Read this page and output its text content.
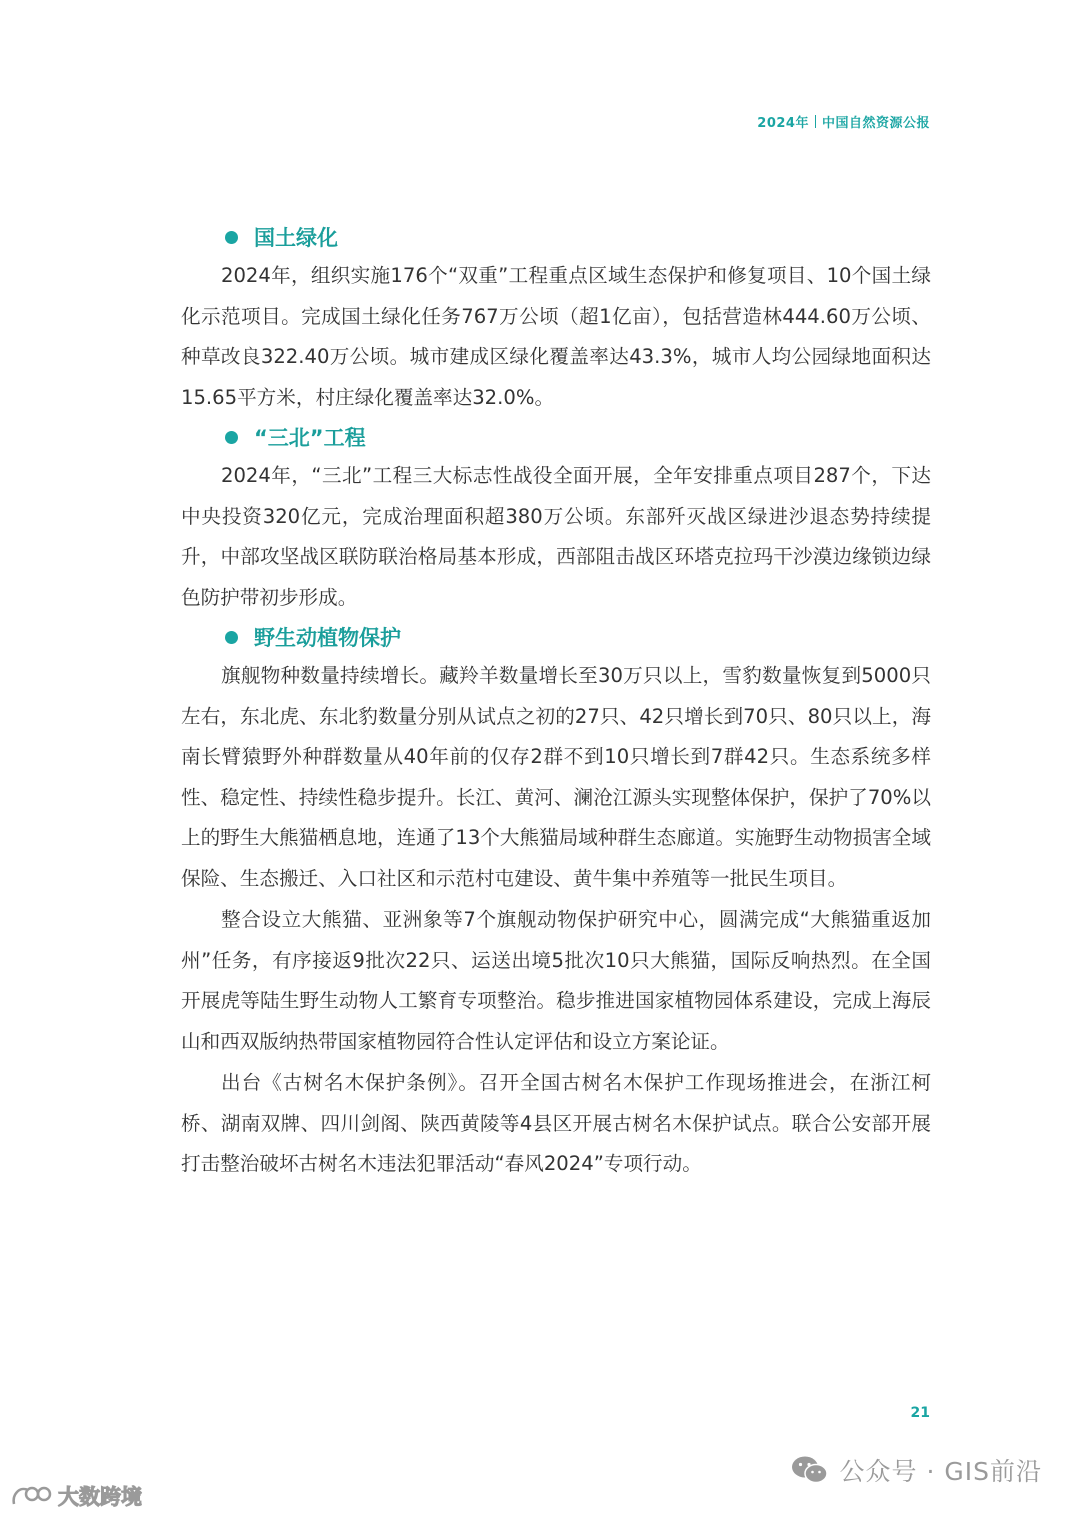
2024年 中国自然资源公报
国土绿化

2024年，组织实施176个“双重”工程重点区域生态保护和修复项目、10个国土绿化示范项目。完成国土绿化任务767万公顷（超1亿亩），包括营造林444.60万公顷、种草改良322.40万公顷。城市建成区绿化覆盖率达43.3%，城市人均公园绿地面积达15.65平方米，村庄绿化覆盖率达32.0%。

“三北”工程

2024年，“三北”工程三大标志性战役全面开展，全年安排重点项目287个，下达中央投资320亿元，完成治理面积超380万公顷。东部歼灭战区绿进沙退态势持续提升，中部攻坚战区联防联治格局基本形成，西部阻击战区环塔克拉玛干沙漠边缘锁边绿色防护带初步形成。

野生动植物保护

旗舰物种数量持续增长。藏羚羊数量增长至30万只以上，雪豹数量恢复到5000只左右，东北虎、东北豹数量分别从试点之初的27只、42只增长到70只、80只以上，海南长臂猿野外种群数量从40年前的仅存2群不到10只增长到7群42只。生态系统多样性、稳定性、持续性稳步提升。长江、黄河、澜沧江源头实现整体保护，保护了70%以上的野生大熊猫栖息地，连通了13个大熊猫局域种群生态廊道。实施野生动物损害全域保险、生态搬迁、入口社区和示范村屯建设、黄牛集中养殖等一批民生项目。

整合设立大熊猫、亚洲象等7个旗舰动物保护研究中心，圆满完成“大熊猫重返加州”任务，有序接返9批次22只、运送出境5批次10只大熊猫，国际反响热烈。在全国开展虎等陆生野生动物人工繁育专项整治。稳步推进国家植物园体系建设，完成上海辰山和西双版纳热带国家植物园符合性认定评估和设立方案论证。

出台《古树名木保护条例》。召开全国古树名木保护工作现场推进会，在浙江柯桥、湖南双牌、四川剑阁、陕西黄陵等4县区开展古树名木保护试点。联合公安部开展打击整治破坏古树名木违法犯罪活动“春风2024”专项行动。

21
公众号 · GIS前沿
大数跨境
